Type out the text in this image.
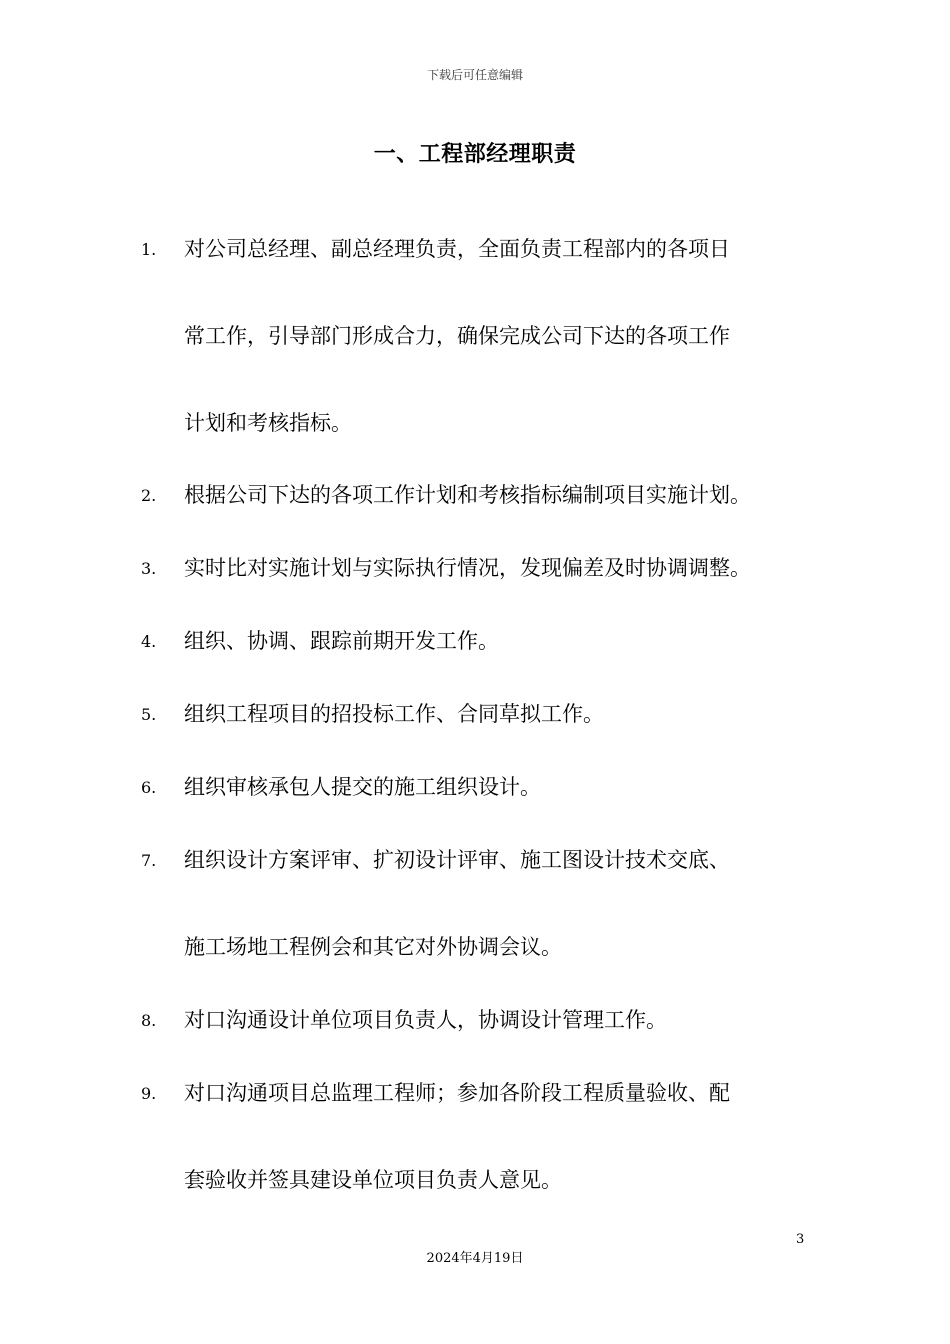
下载后可任意编辑
一、工程部经理职责
1. 对公司总经理、副总经理负责，全面负责工程部内的各项日
常工作，引导部门形成合力，确保完成公司下达的各项工作
计划和考核指标。
2. 根据公司下达的各项工作计划和考核指标编制项目实施计划。
3. 实时比对实施计划与实际执行情况，发现偏差及时协调调整。
4. 组织、协调、跟踪前期开发工作。
5. 组织工程项目的招投标工作、合同草拟工作。
6. 组织审核承包人提交的施工组织设计。
7. 组织设计方案评审、扩初设计评审、施工图设计技术交底、
施工场地工程例会和其它对外协调会议。
8. 对口沟通设计单位项目负责人，协调设计管理工作。
9. 对口沟通项目总监理工程师；参加各阶段工程质量验收、配
套验收并签具建设单位项目负责人意见。
3
2024年4月19日
